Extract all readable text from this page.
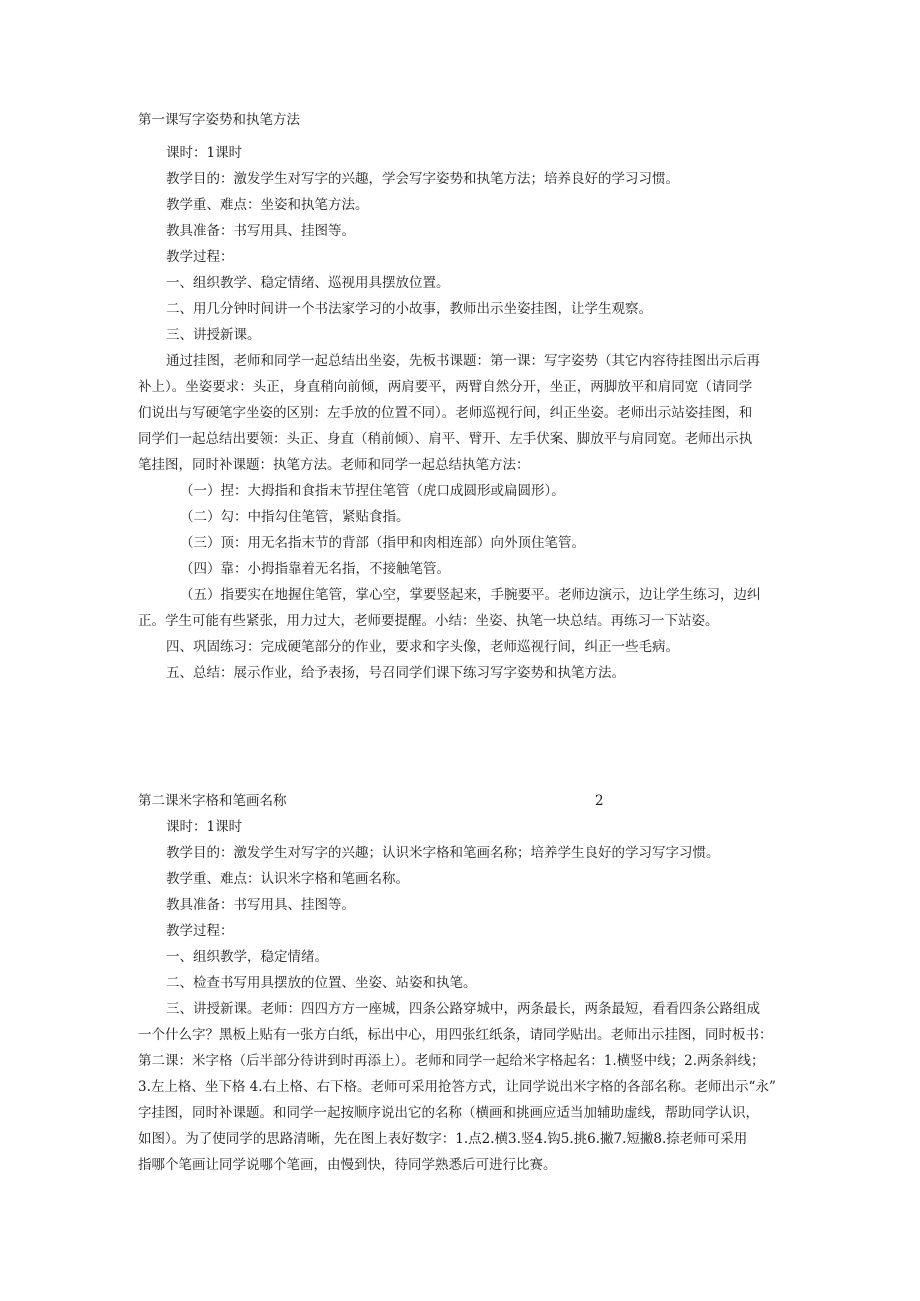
第一课写字姿势和执笔方法
课时：1课时
教学目的：激发学生对写字的兴趣，学会写字姿势和执笔方法；培养良好的学习习惯。
教学重、难点：坐姿和执笔方法。
教具准备：书写用具、挂图等。
教学过程：
一、组织教学、稳定情绪、巡视用具摆放位置。
二、用几分钟时间讲一个书法家学习的小故事，教师出示坐姿挂图，让学生观察。
三、讲授新课。
通过挂图，老师和同学一起总结出坐姿，先板书课题：第一课：写字姿势（其它内容待挂图出示后再
补上）。坐姿要求：头正，身直稍向前倾，两肩要平，两臂自然分开，坐正，两脚放平和肩同宽（请同学
们说出与写硬笔字坐姿的区别：左手放的位置不同）。老师巡视行间，纠正坐姿。老师出示站姿挂图，和
同学们一起总结出要领：头正、身直（稍前倾）、肩平、臂开、左手伏案、脚放平与肩同宽。老师出示执
笔挂图，同时补课题：执笔方法。老师和同学一起总结执笔方法：
（一）捏：大拇指和食指末节捏住笔管（虎口成圆形或扁圆形）。
（二）勾：中指勾住笔管，紧贴食指。
（三）顶：用无名指末节的背部（指甲和肉相连部）向外顶住笔管。
（四）靠：小拇指靠着无名指，不接触笔管。
（五）指要实在地握住笔管，掌心空，掌要竖起来，手腕要平。老师边演示，边让学生练习，边纠
正。学生可能有些紧张，用力过大，老师要提醒。小结：坐姿、执笔一块总结。再练习一下站姿。
四、巩固练习：完成硬笔部分的作业，要求和字头像，老师巡视行间，纠正一些毛病。
五、总结：展示作业，给予表扬，号召同学们课下练习写字姿势和执笔方法。
第二课米字格和笔画名称	2
课时：1课时
教学目的：激发学生对写字的兴趣；认识米字格和笔画名称；培养学生良好的学习写字习惯。
教学重、难点：认识米字格和笔画名称。
教具准备：书写用具、挂图等。
教学过程：
一、组织教学，稳定情绪。
二、检查书写用具摆放的位置、坐姿、站姿和执笔。
三、讲授新课。老师：四四方方一座城，四条公路穿城中，两条最长，两条最短，看看四条公路组成
一个什么字？黑板上贴有一张方白纸，标出中心，用四张红纸条，请同学贴出。老师出示挂图，同时板书：
第二课：米字格（后半部分待讲到时再添上）。老师和同学一起给米字格起名：1.横竖中线；2.两条斜线；
3.左上格、坐下格 4.右上格、右下格。老师可采用抢答方式，让同学说出米字格的各部名称。老师出示“永”
字挂图，同时补课题。和同学一起按顺序说出它的名称（横画和挑画应适当加辅助虚线，帮助同学认识，
如图）。为了使同学的思路清晰，先在图上表好数字：1.点2.横3.竖4.钩5.挑6.撇7.短撇8.捺老师可采用
指哪个笔画让同学说哪个笔画，由慢到快，待同学熟悉后可进行比赛。
